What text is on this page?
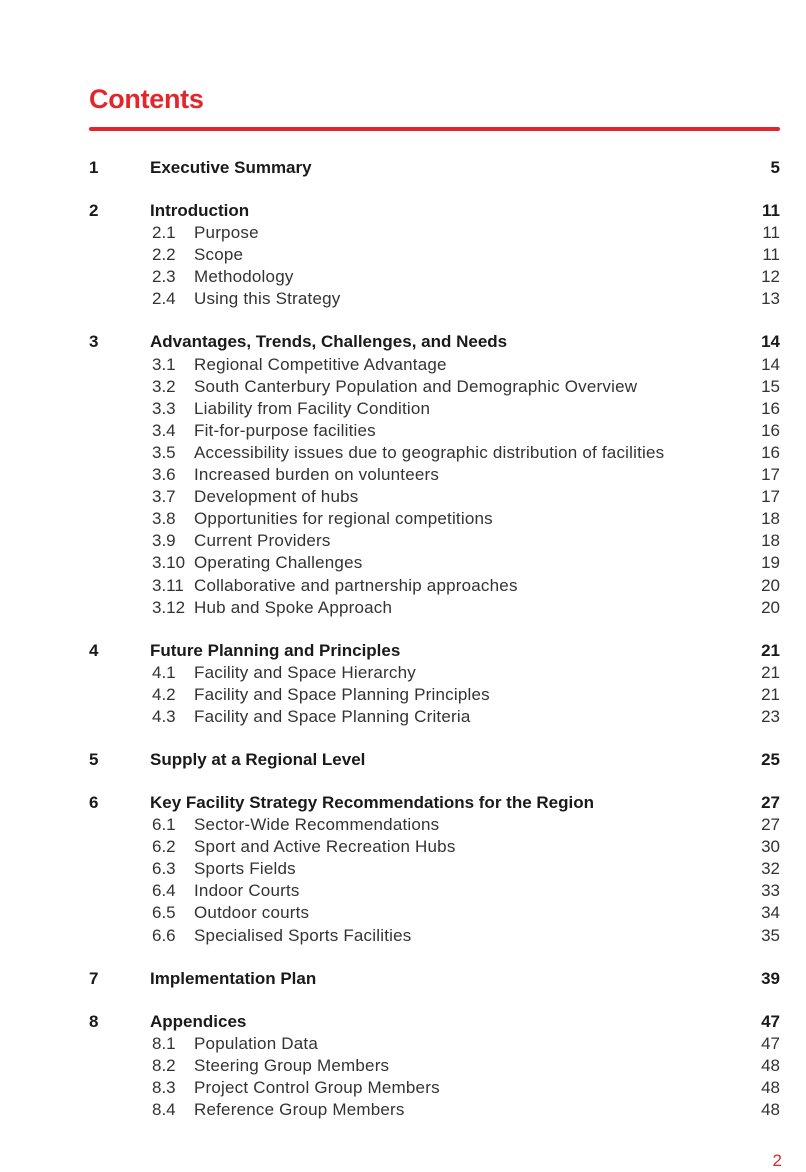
Contents
1	Executive Summary	5
2	Introduction	11
2.1 Purpose	11
2.2 Scope	11
2.3 Methodology	12
2.4 Using this Strategy	13
3	Advantages, Trends, Challenges, and Needs	14
3.1 Regional Competitive Advantage	14
3.2 South Canterbury Population and Demographic Overview	15
3.3 Liability from Facility Condition	16
3.4 Fit-for-purpose facilities	16
3.5 Accessibility issues due to geographic distribution of facilities	16
3.6 Increased burden on volunteers	17
3.7 Development of hubs	17
3.8 Opportunities for regional competitions	18
3.9 Current Providers	18
3.10 Operating Challenges	19
3.11 Collaborative and partnership approaches	20
3.12 Hub and Spoke Approach	20
4	Future Planning and Principles	21
4.1 Facility and Space Hierarchy	21
4.2 Facility and Space Planning Principles	21
4.3 Facility and Space Planning Criteria	23
5	Supply at a Regional Level	25
6	Key Facility Strategy Recommendations for the Region	27
6.1 Sector-Wide Recommendations	27
6.2 Sport and Active Recreation Hubs	30
6.3 Sports Fields	32
6.4 Indoor Courts	33
6.5 Outdoor courts	34
6.6 Specialised Sports Facilities	35
7	Implementation Plan	39
8	Appendices	47
8.1 Population Data	47
8.2 Steering Group Members	48
8.3 Project Control Group Members	48
8.4 Reference Group Members	48
2
